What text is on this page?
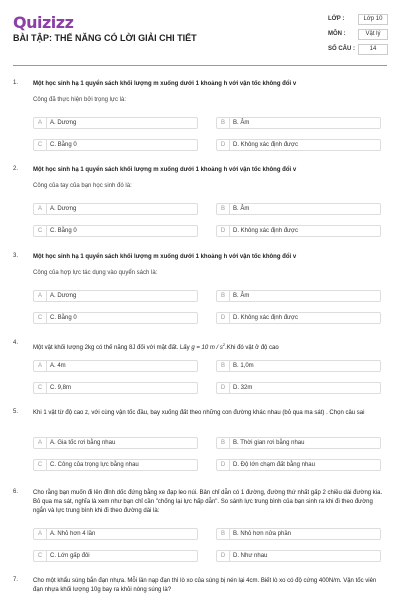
Quizizz
BÀI TẬP: THẾ NĂNG CÓ LỜI GIẢI CHI TIẾT
LỚP :	Lớp 10
MÔN :	Vật lý
SỐ CÂU :	14
1. Một học sinh hạ 1 quyển sách khối lượng m xuống dưới 1 khoảng h với vận tốc không đổi v
Công đã thực hiện bởi trọng lực là:
A	A. Dương	B	B. Âm
C	C. Bằng 0	D	D. Không xác định được
2. Một học sinh hạ 1 quyển sách khối lượng m xuống dưới 1 khoảng h với vận tốc không đổi v
Công của tay của bạn học sinh đó là:
A	A. Dương	B	B. Âm
C	C. Bằng 0	D	D. Không xác định được
3. Một học sinh hạ 1 quyển sách khối lượng m xuống dưới 1 khoảng h với vận tốc không đổi v
Công của hợp lực tác dụng vào quyển sách là:
A	A. Dương	B	B. Âm
C	C. Bằng 0	D	D. Không xác định được
4.
Một vật khối lượng 2kg có thế năng 8J đối với mặt đất. Lấy g = 10 m / $s^2.Khi$ đó vật ở độ cao
A	A. 4m	B	B. 1,0m
C	C. 9,8m	D	D. 32m
5. Khi 1 vật từ độ cao z, với cùng vận tốc đầu, bay xuống đất theo những con đường khác nhau (bỏ qua ma sát) . Chọn câu sai
A	A. Gia tốc rơi bằng nhau	B	B. Thời gian rơi bằng nhau
C	C. Công của trọng lực bằng nhau	D	D. Độ lớn chạm đất bằng nhau
6. Cho rằng bạn muốn đi lên đỉnh dốc đứng bằng xe đạp leo núi. Bản chỉ dẫn có 1 đường, đường thứ nhất gấp 2 chiều dài đường kia. Bỏ qua ma sát, nghĩa là xem như bạn chỉ cần "chống lại lực hấp dẫn". So sánh lực trung bình của bạn sinh ra khi đi theo đường ngắn và lực trung bình khi đi theo đường dài là:
A	A. Nhỏ hơn 4 lần	B	B. Nhỏ hơn nửa phần
C	C. Lớn gấp đôi	D	D. Như nhau
7. Cho một khẩu súng bắn đạn nhựa. Mỗi lần nạp đạn thì lò xo của súng bị nén lại 4cm. Biết lò xo có độ cứng 400N/m. Vận tốc viên đạn nhựa khối lượng 10g bay ra khỏi nòng súng là?
